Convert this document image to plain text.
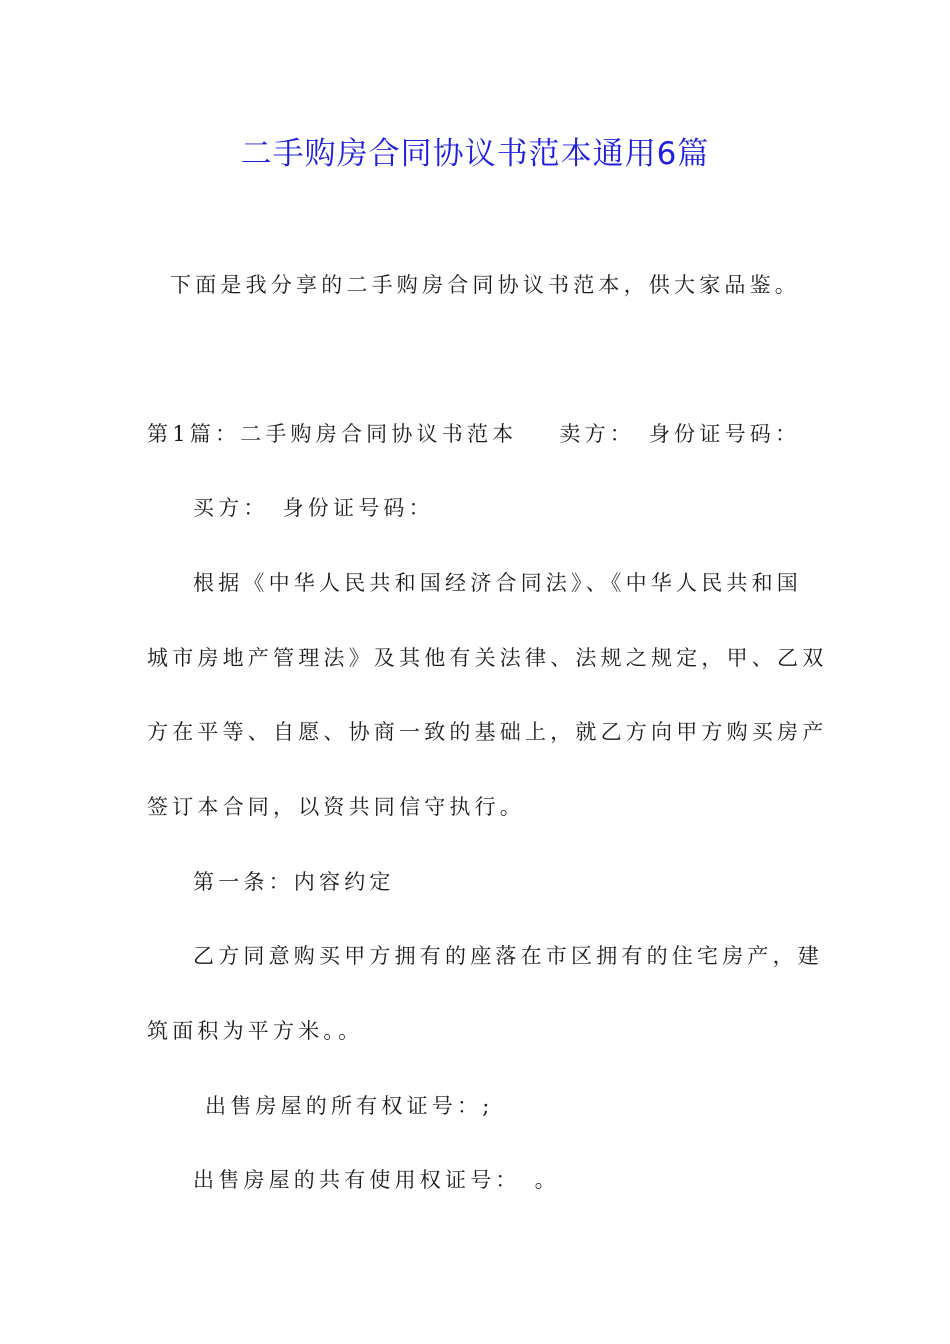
二手购房合同协议书范本通用6篇

下面是我分享的二手购房合同协议书范本，供大家品鉴。

第1篇：二手购房合同协议书范本 卖方： 身份证号码：

买方： 身份证号码：

根据《中华人民共和国经济合同法》、《中华人民共和国

城市房地产管理法》及其他有关法律、法规之规定，甲、乙双

方在平等、自愿、协商一致的基础上，就乙方向甲方购买房产

签订本合同，以资共同信守执行。

第一条：内容约定

乙方同意购买甲方拥有的座落在市区拥有的住宅房产，建

筑面积为平方米。。

出售房屋的所有权证号：;

出售房屋的共有使用权证号： 。
